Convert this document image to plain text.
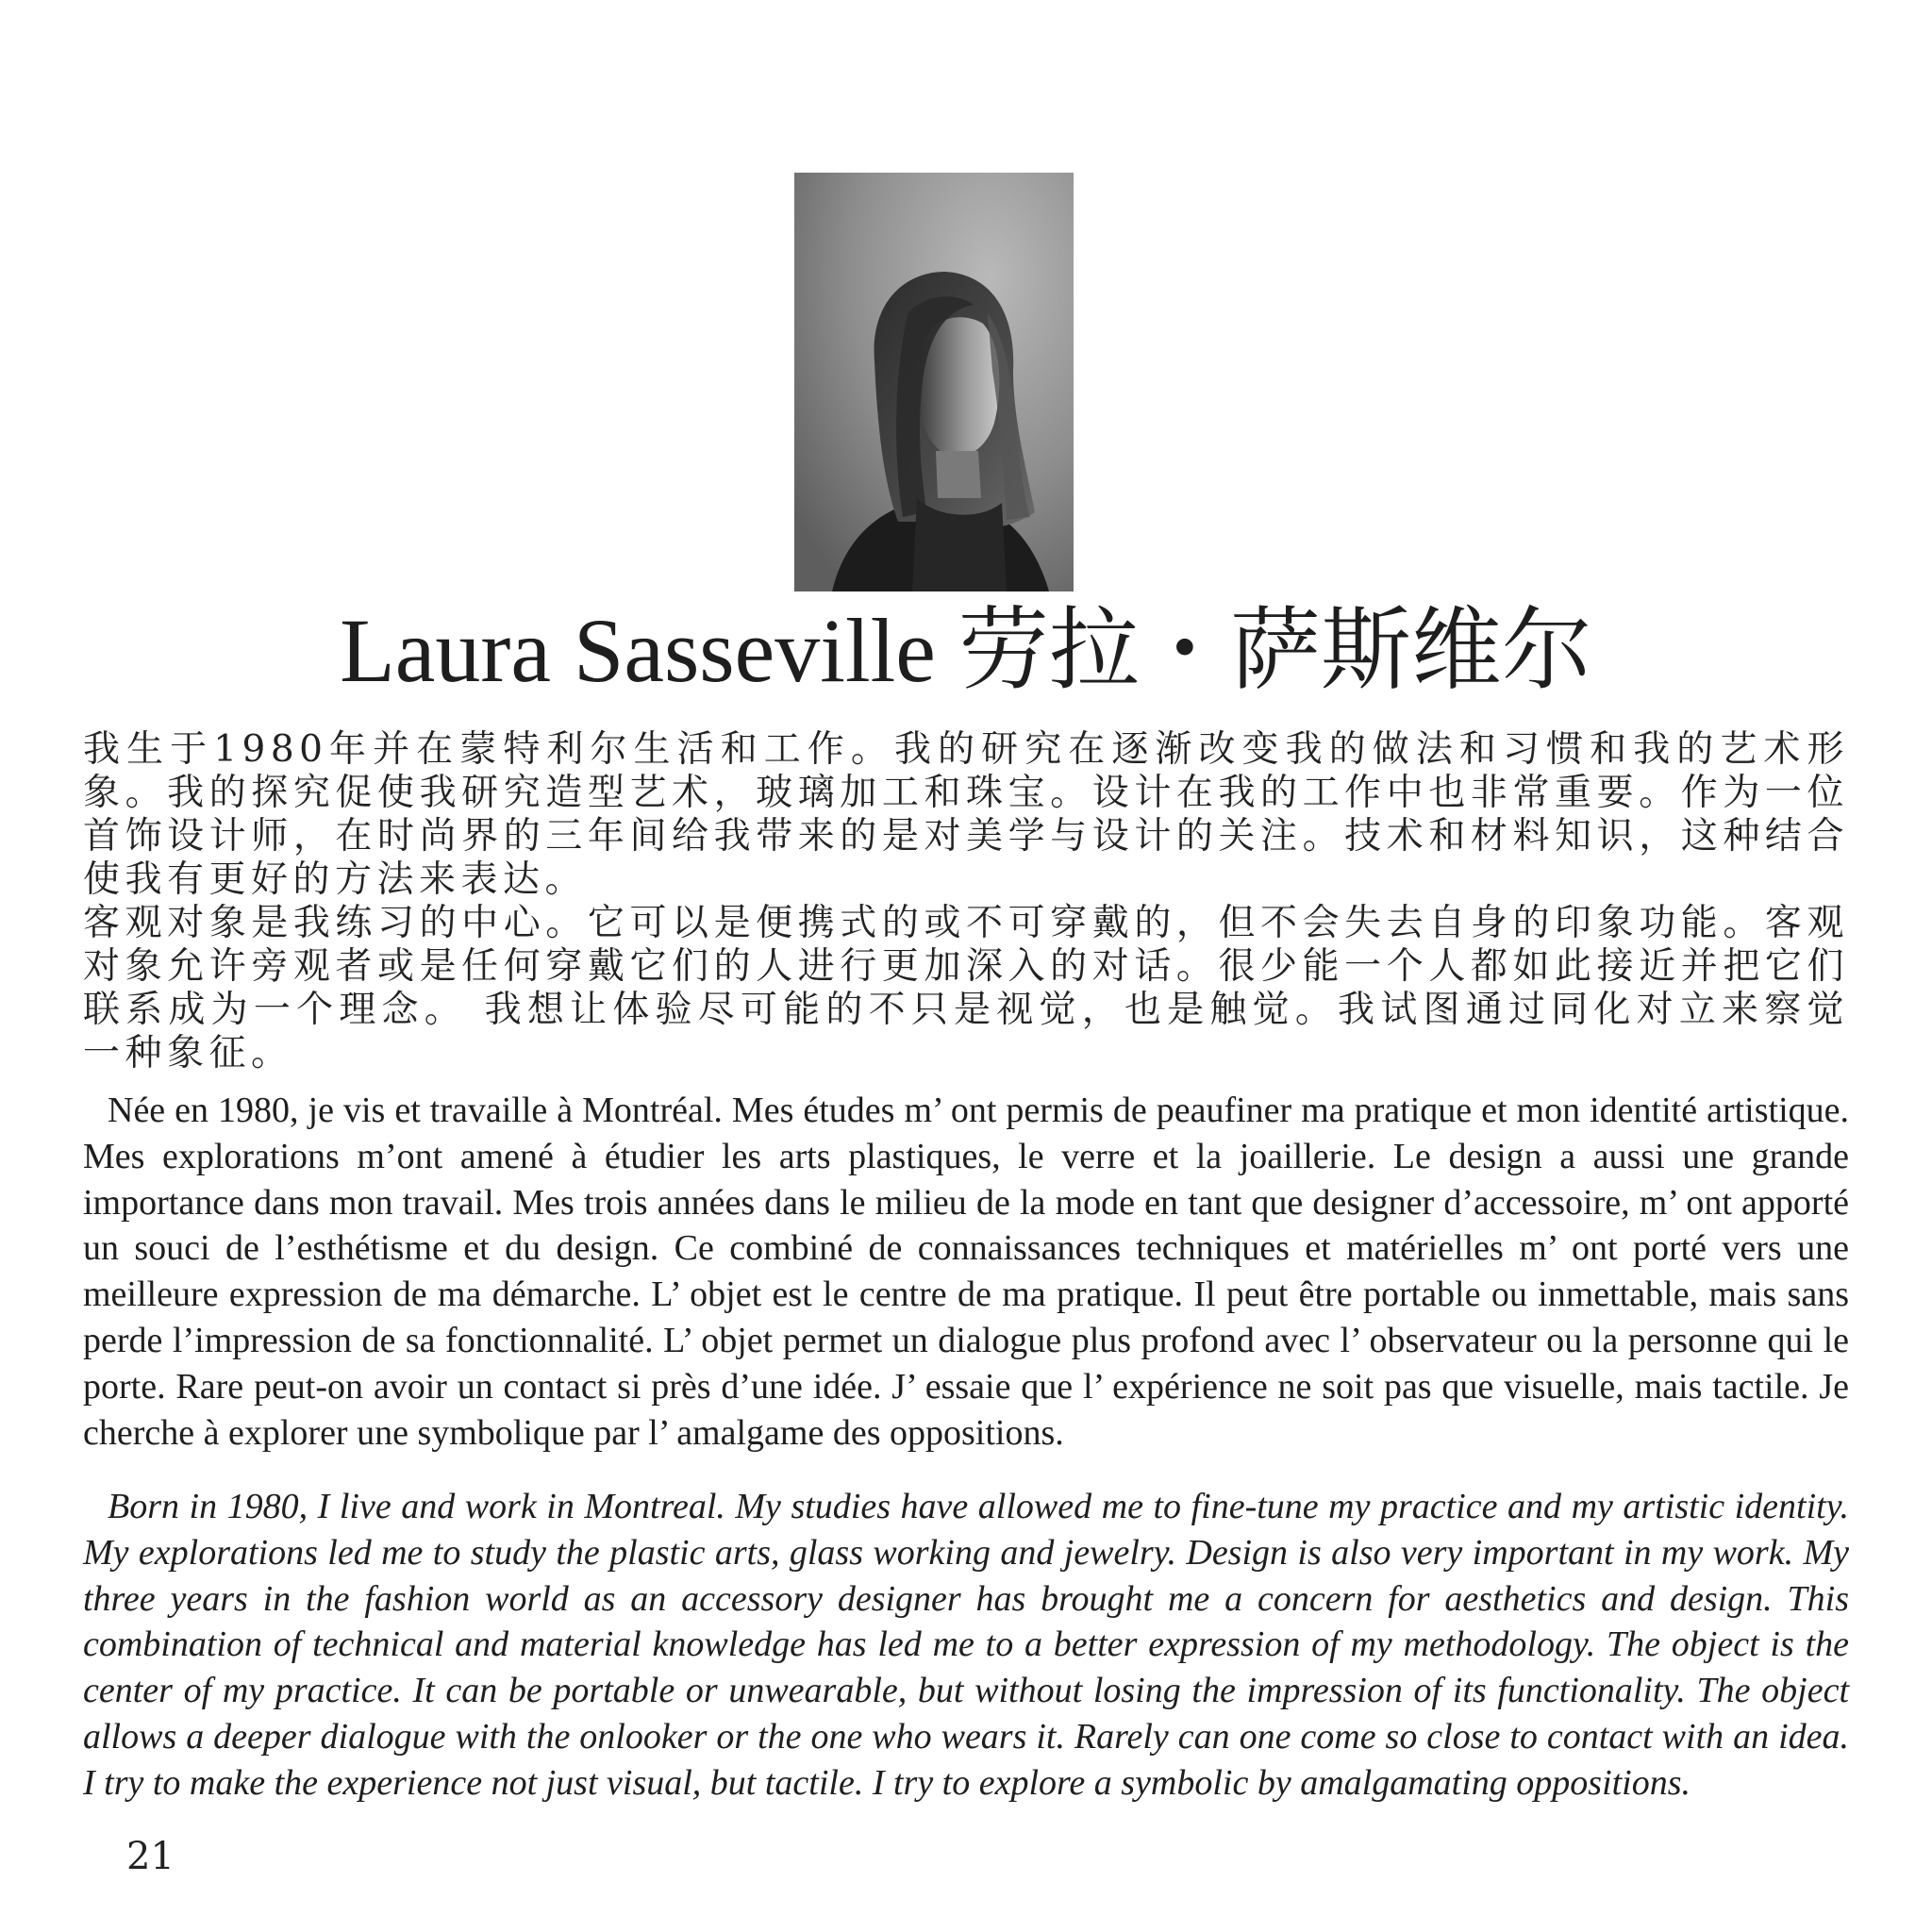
Laura Sasseville 劳拉・萨斯维尔

我生于1980年并在蒙特利尔生活和工作。我的研究在逐渐改变我的做法和习惯和我的艺术形象。我的探究促使我研究造型艺术，玻璃加工和珠宝。设计在我的工作中也非常重要。作为一位首饰设计师，在时尚界的三年间给我带来的是对美学与设计的关注。技术和材料知识，这种结合使我有更好的方法来表达。

客观对象是我练习的中心。它可以是便携式的或不可穿戴的，但不会失去自身的印象功能。客观对象允许旁观者或是任何穿戴它们的人进行更加深入的对话。很少能一个人都如此接近并把它们联系成为一个理念。 我想让体验尽可能的不只是视觉，也是触觉。我试图通过同化对立来察觉一种象征。

Née en 1980, je vis et travaille à Montréal. Mes études m’ ont permis de peaufiner ma pratique et mon identité artistique. Mes explorations m’ont amené à étudier les arts plastiques, le verre et la joaillerie. Le design a aussi une grande importance dans mon travail. Mes trois années dans le milieu de la mode en tant que designer d’accessoire, m’ ont apporté un souci de l’esthétisme et du design. Ce combiné de connaissances techniques et matérielles m’ ont porté vers une meilleure expression de ma démarche. L’ objet est le centre de ma pratique. Il peut être portable ou inmettable, mais sans perde l’impression de sa fonctionnalité. L’ objet permet un dialogue plus profond avec l’ observateur ou la personne qui le porte. Rare peut-on avoir un contact si près d’une idée. J’ essaie que l’ expérience ne soit pas que visuelle, mais tactile. Je cherche à explorer une symbolique par l’ amalgame des oppositions.

Born in 1980, I live and work in Montreal. My studies have allowed me to fine-tune my practice and my artistic identity. My explorations led me to study the plastic arts, glass working and jewelry. Design is also very important in my work. My three years in the fashion world as an accessory designer has brought me a concern for aesthetics and design. This combination of technical and material knowledge has led me to a better expression of my methodology. The object is the center of my practice. It can be portable or unwearable, but without losing the impression of its functionality. The object allows a deeper dialogue with the onlooker or the one who wears it. Rarely can one come so close to contact with an idea. I try to make the experience not just visual, but tactile. I try to explore a symbolic by amalgamating oppositions.

21
